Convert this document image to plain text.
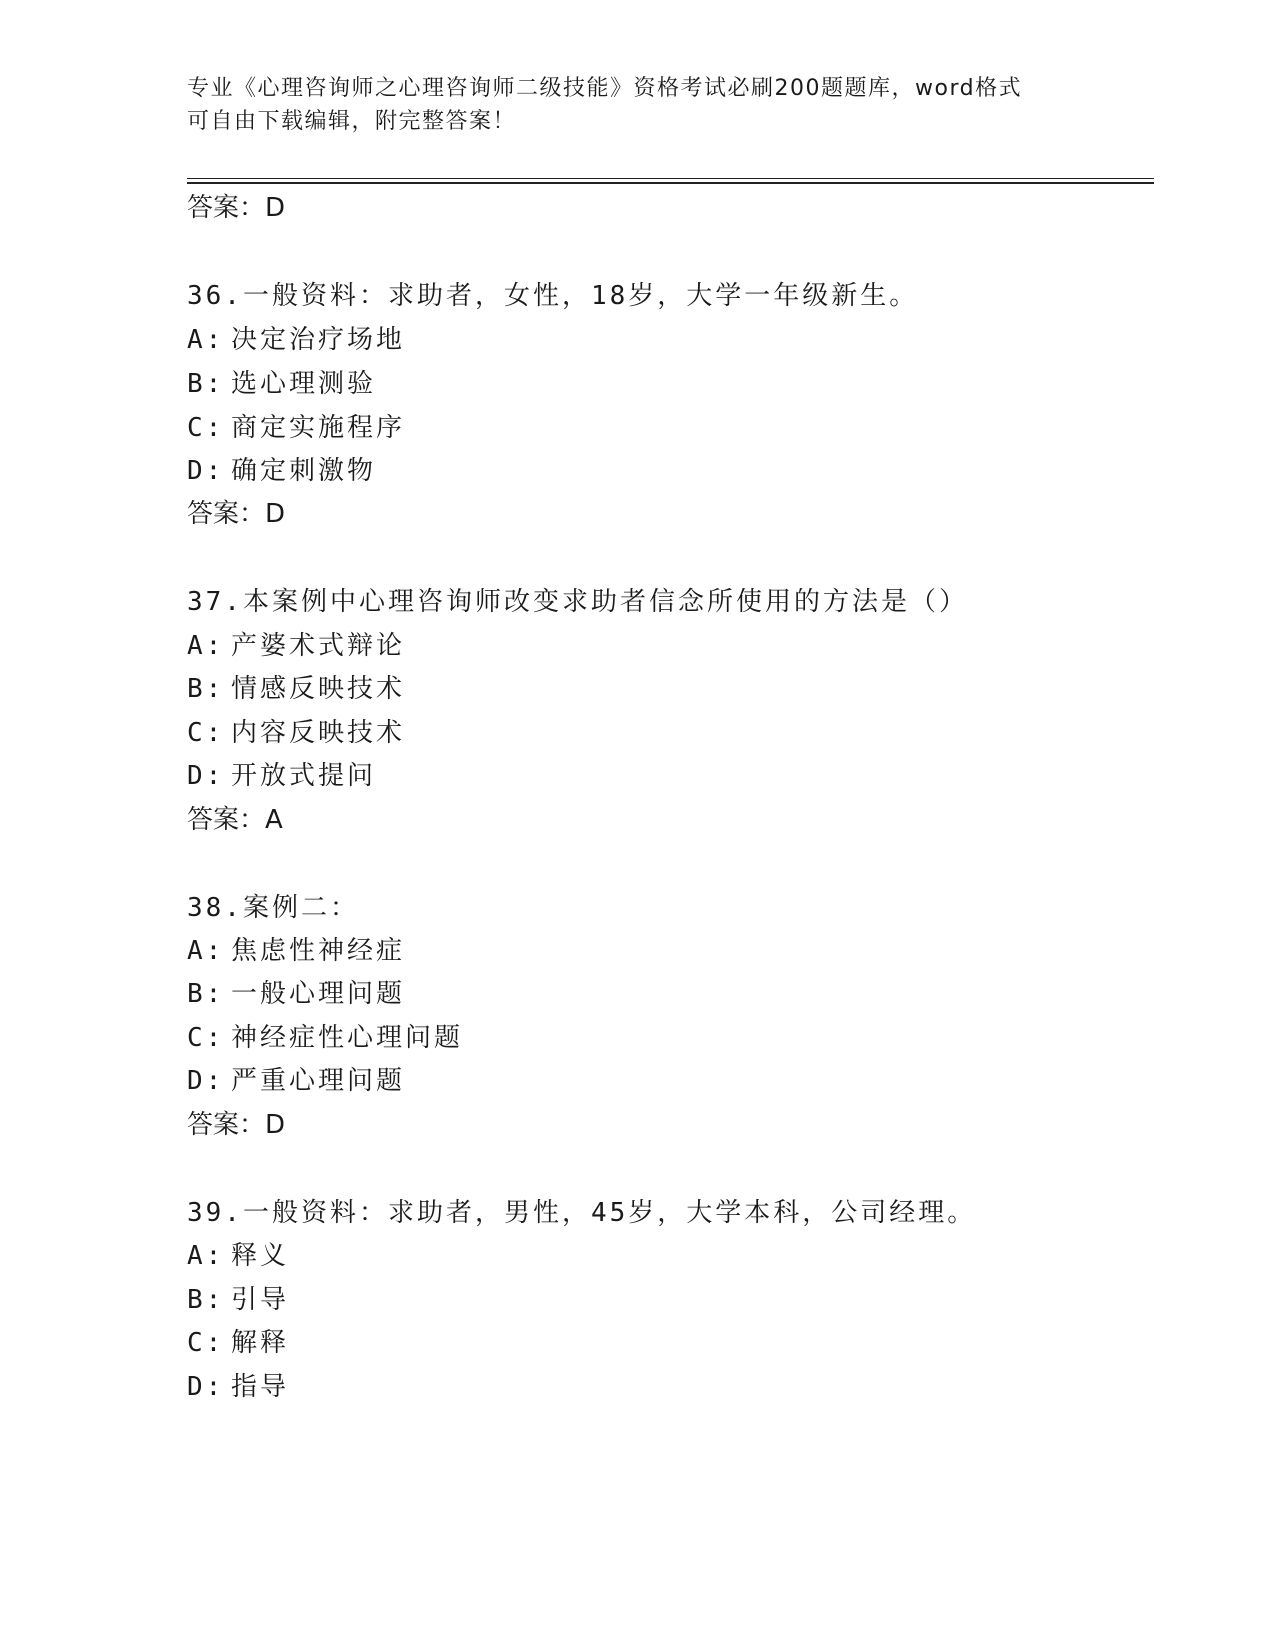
专业《心理咨询师之心理咨询师二级技能》资格考试必刷200题题库，word格式
可自由下载编辑，附完整答案！
答案：D
36.一般资料：求助者，女性，18岁，大学一年级新生。
A: 决定治疗场地
B: 选心理测验
C: 商定实施程序
D: 确定刺激物
答案：D
37.本案例中心理咨询师改变求助者信念所使用的方法是（）
A: 产婆术式辩论
B: 情感反映技术
C: 内容反映技术
D: 开放式提问
答案：A
38.案例二：
A: 焦虑性神经症
B: 一般心理问题
C: 神经症性心理问题
D: 严重心理问题
答案：D
39.一般资料：求助者，男性，45岁，大学本科，公司经理。
A: 释义
B: 引导
C: 解释
D: 指导
